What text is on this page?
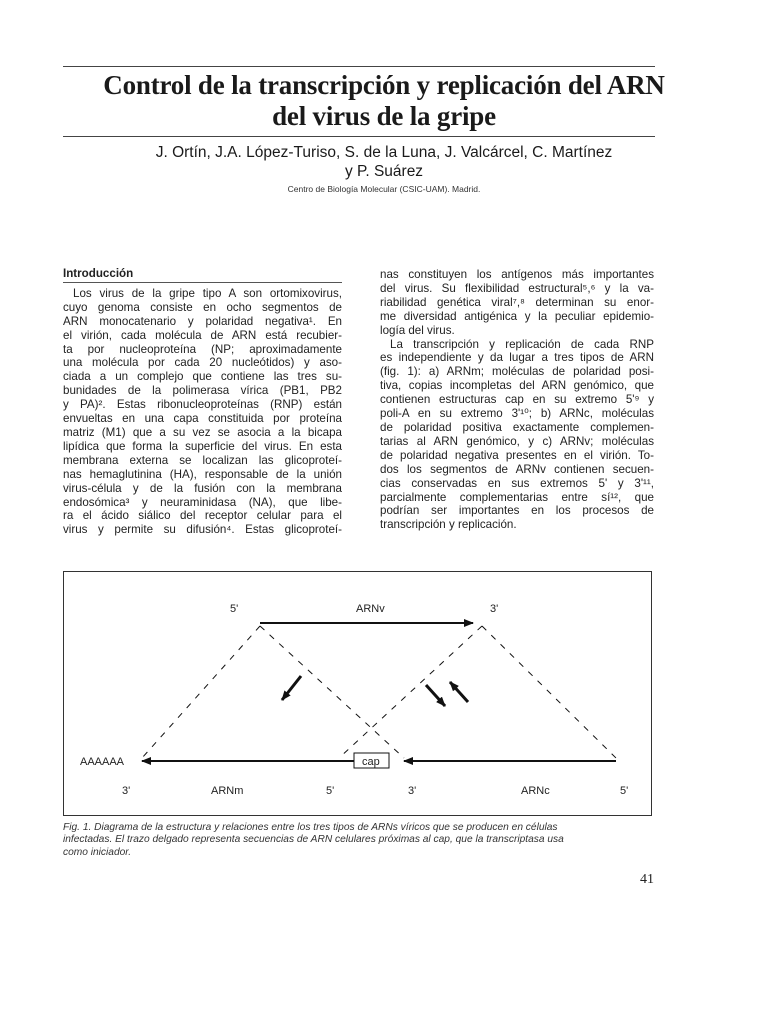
Control de la transcripción y replicación del ARN
del virus de la gripe
J. Ortín, J.A. López-Turiso, S. de la Luna, J. Valcárcel, C. Martínez
y P. Suárez
Centro de Biología Molecular (CSIC-UAM). Madrid.
Introducción
Los virus de la gripe tipo A son ortomixovirus,
cuyo genoma consiste en ocho segmentos de
ARN monocatenario y polaridad negativa¹. En
el virión, cada molécula de ARN está recubier-
ta por nucleoproteína (NP; aproximadamente
una molécula por cada 20 nucleótidos) y aso-
ciada a un complejo que contiene las tres su-
bunidades de la polimerasa vírica (PB1, PB2
y PA)². Estas ribonucleoproteínas (RNP) están
envueltas en una capa constituida por proteína
matriz (M1) que a su vez se asocia a la bicapa
lipídica que forma la superficie del virus. En esta
membrana externa se localizan las glicoproteí-
nas hemaglutinina (HA), responsable de la unión
virus-célula y de la fusión con la membrana
endosómica³ y neuraminidasa (NA), que libe-
ra el ácido siálico del receptor celular para el
virus y permite su difusión⁴. Estas glicoproteí-
nas constituyen los antígenos más importantes
del virus. Su flexibilidad estructural⁵,⁶ y la va-
riabilidad genética viral⁷,⁸ determinan su enor-
me diversidad antigénica y la peculiar epidemio-
logía del virus.
La transcripción y replicación de cada RNP
es independiente y da lugar a tres tipos de ARN
(fig. 1): a) ARNm; moléculas de polaridad posi-
tiva, copias incompletas del ARN genómico, que
contienen estructuras cap en su extremo 5'⁹ y
poli-A en su extremo 3'¹⁰; b) ARNc, moléculas
de polaridad positiva exactamente complemen-
tarias al ARN genómico, y c) ARNv; moléculas
de polaridad negativa presentes en el virión. To-
dos los segmentos de ARNv contienen secuen-
cias conservadas en sus extremos 5' y 3'¹¹,
parcialmente complementarias entre sí¹², que
podrían ser importantes en los procesos de
transcripción y replicación.
5'	ARNv	3'
AAAAAA	cap
3'	ARNm	5'	3'	ARNc	5'
Fig. 1. Diagrama de la estructura y relaciones entre los tres tipos de ARNs víricos que se producen en células
infectadas. El trazo delgado representa secuencias de ARN celulares próximas al cap, que la transcriptasa usa
como iniciador.
41
